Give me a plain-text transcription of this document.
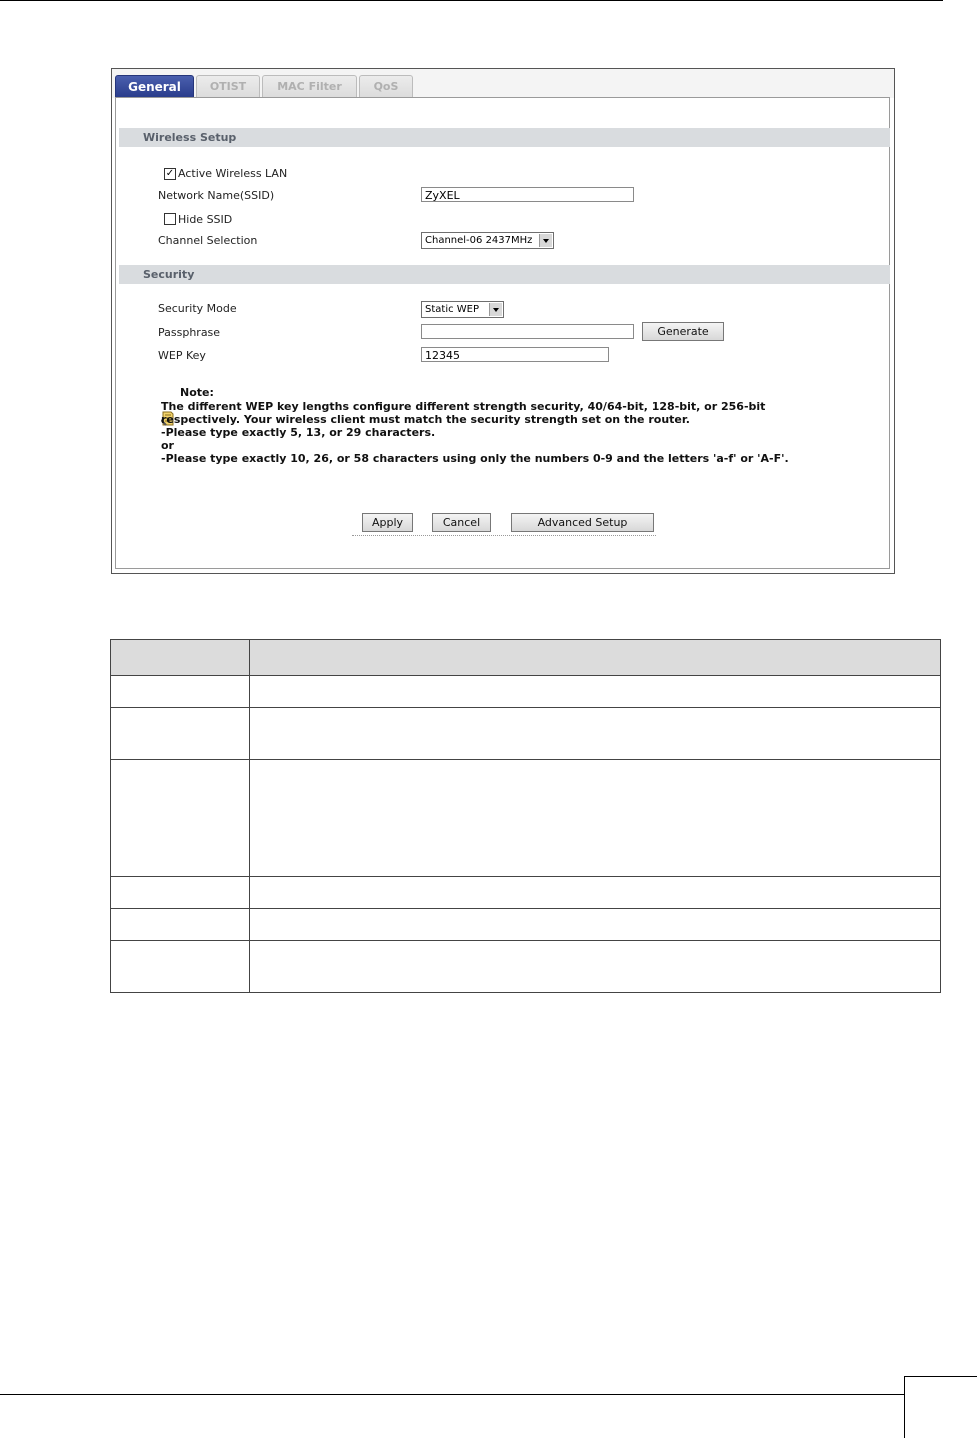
General	OTIST	MAC Filter	QoS
Wireless Setup
✓ Active Wireless LAN
Network Name(SSID)	ZyXEL
Hide SSID
Channel Selection	Channel-06 2437MHz
Security
Security Mode	Static WEP
Passphrase	Generate
WEP Key	12345
Note:
The different WEP key lengths configure different strength security, 40/64-bit, 128-bit, or 256-bit
respectively. Your wireless client must match the security strength set on the router.
-Please type exactly 5, 13, or 29 characters.
or
-Please type exactly 10, 26, or 58 characters using only the numbers 0-9 and the letters 'a-f' or 'A-F'.
Apply	Cancel	Advanced Setup
